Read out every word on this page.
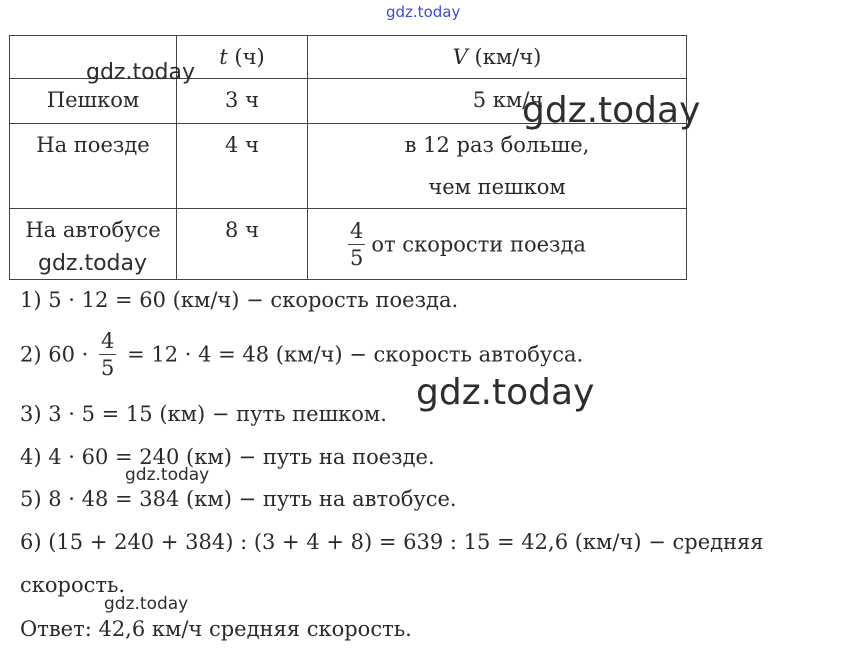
gdz.today
	t (ч)	V (км/ч)
Пешком	3 ч	5 км/ч
На поезде	4 ч	в 12 раз больше,
чем пешком

На автобусе	8 ч	$\frac{4}{5}$ от скорости поезда
gdz.today
gdz.today
gdz.today
1) 5 · 12 = 60 (км/ч) − скорость поезда.
2) $60 \cdot \frac{4}{5} = 12 \cdot 4 = 48$ (км/ч) − скорость автобуса.
3) 3 · 5 = 15 (км) − путь пешком.
4) 4 · 60 = 240 (км) − путь на поезде.
5) 8 · 48 = 384 (км) − путь на автобусе.
6) (15 + 240 + 384) : (3 + 4 + 8) = 639 : 15 = 42,6 (км/ч) − средняя
скорость.
Ответ: 42,6 км/ч средняя скорость.
gdz.today
gdz.today
gdz.today
